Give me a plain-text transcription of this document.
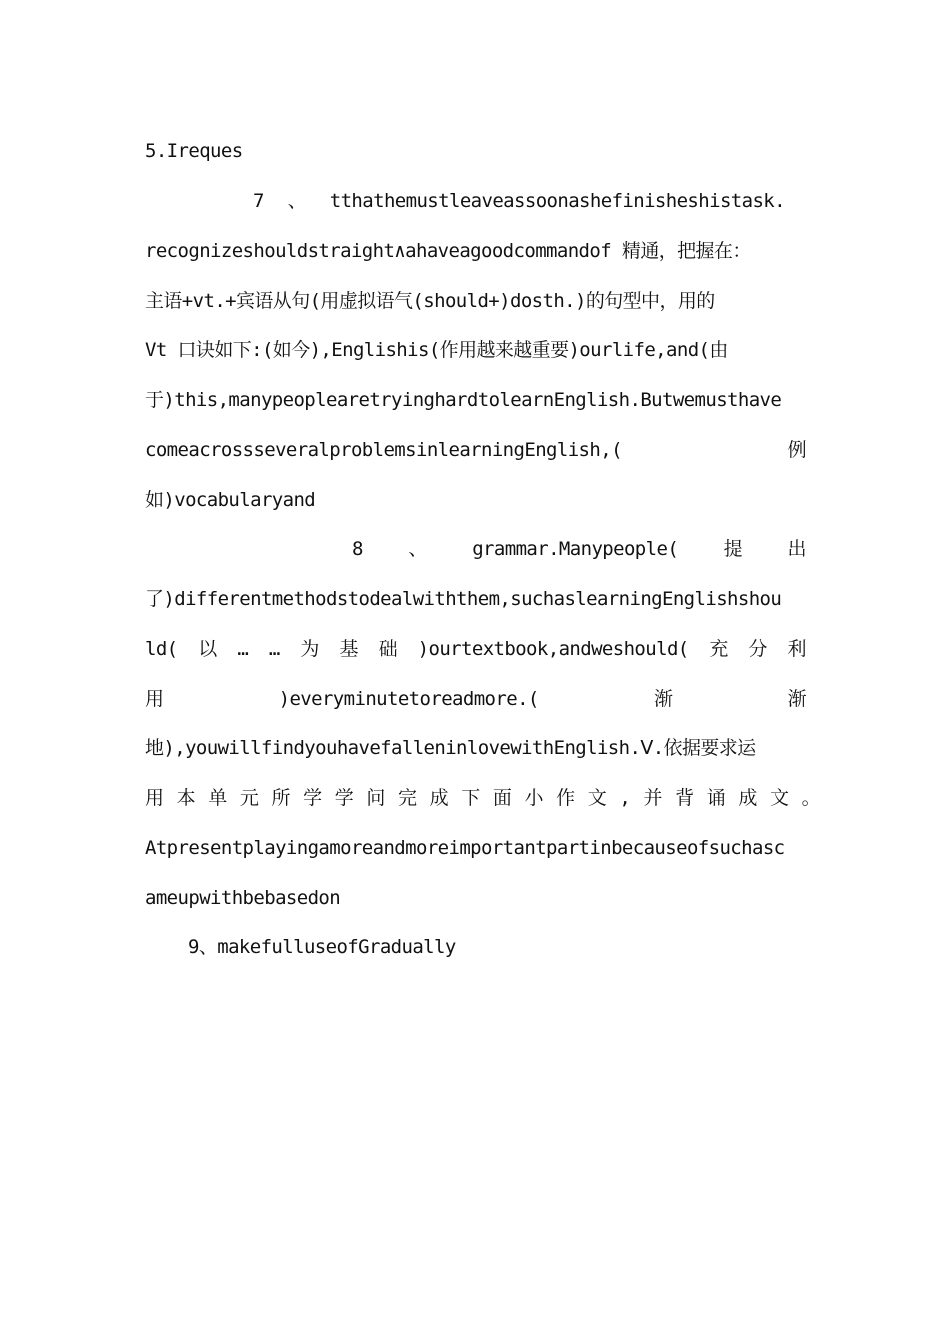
5.Ireques
7 、 tthathemustleaveassoonashefinisheshistask.
recognizeshouldstraight∧ahaveagoodcommandof 精通，把握在：
主语+vt.+宾语从句(用虚拟语气(should+)dosth.)的句型中，用的
Vt 口诀如下:(如今),Englishis(作用越来越重要)ourlife,and(由
于)this,manypeoplearetryinghardtolearnEnglish.Butwemusthave
comeacrossseveralproblemsinlearningEnglish,(	例
如)vocabularyand
8 、 grammar.Manypeople( 提 出
了)differentmethodstodealwiththem,suchaslearningEnglishshou
ld( 以 … … 为 基 础 )ourtextbook,andweshould( 充 分 利
用	)everyminutetoreadmore.(	渐	渐
地),youwillfindyouhavefalleninlovewithEnglish.Ⅴ.依据要求运
用 本 单 元 所 学 学 问 完 成 下 面 小 作 文 , 并 背 诵 成 文 。
Atpresentplayingamoreandmoreimportantpartinbecauseofsuchasc
ameupwithbebasedon
9、makefulluseofGradually
